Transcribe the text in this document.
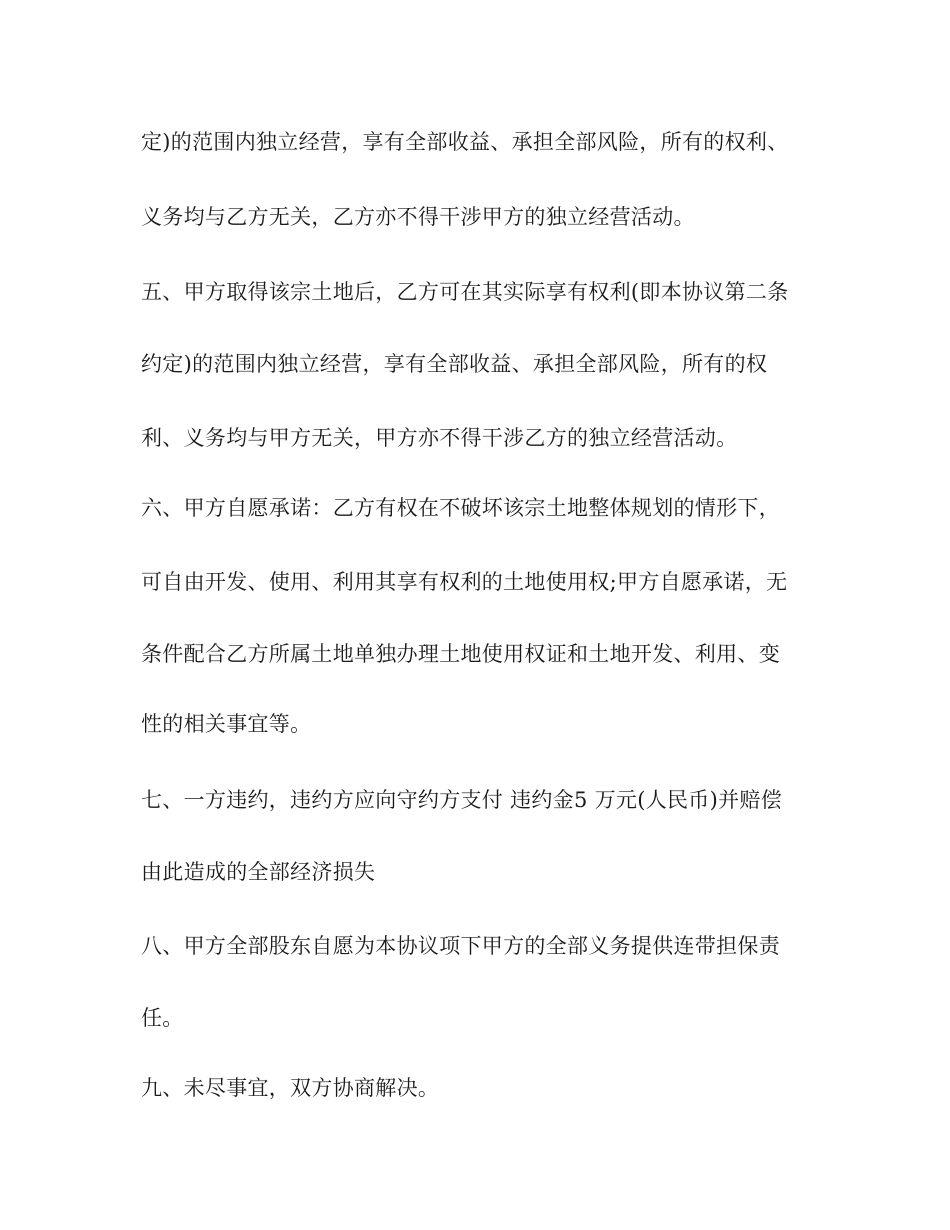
定)的范围内独立经营，享有全部收益、承担全部风险，所有的权利、
义务均与乙方无关，乙方亦不得干涉甲方的独立经营活动。
五、甲方取得该宗土地后，乙方可在其实际享有权利(即本协议第二条
约定)的范围内独立经营，享有全部收益、承担全部风险，所有的权
利、义务均与甲方无关，甲方亦不得干涉乙方的独立经营活动。
六、甲方自愿承诺：乙方有权在不破坏该宗土地整体规划的情形下，
可自由开发、使用、利用其享有权利的土地使用权;甲方自愿承诺，无
条件配合乙方所属土地单独办理土地使用权证和土地开发、利用、变
性的相关事宜等。
七、一方违约，违约方应向守约方支付 违约金5 万元(人民币)并赔偿
由此造成的全部经济损失
八、甲方全部股东自愿为本协议项下甲方的全部义务提供连带担保责
任。
九、未尽事宜，双方协商解决。
